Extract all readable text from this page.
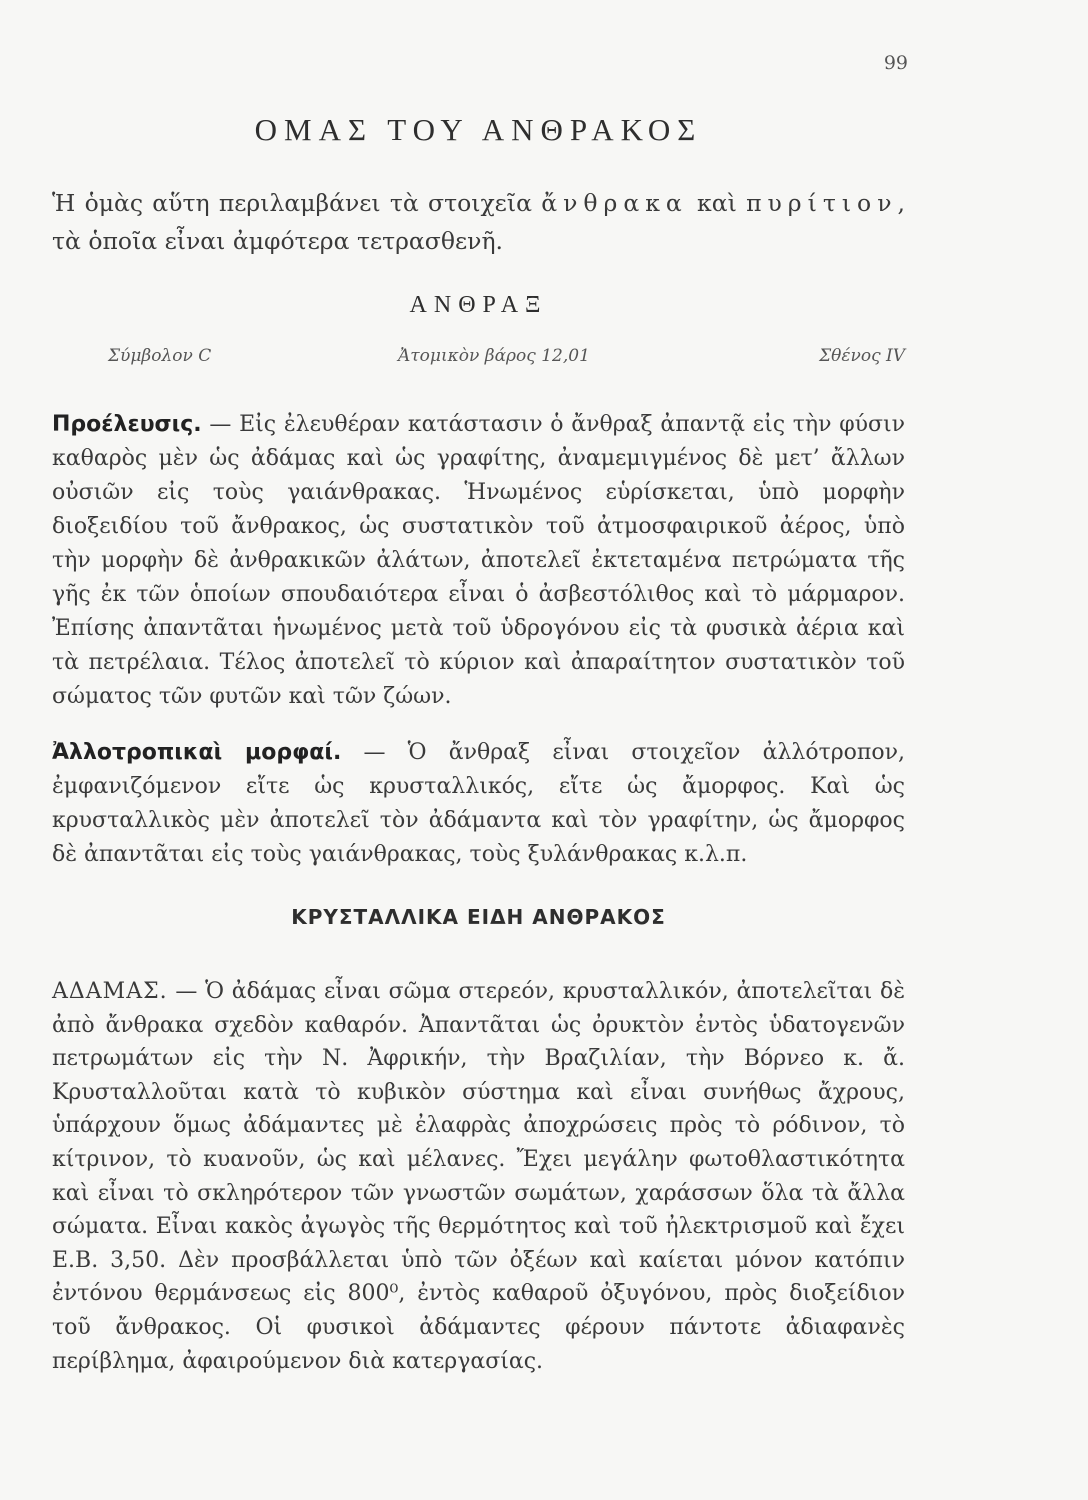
99
ΟΜΑΣ ΤΟΥ ΑΝΘΡΑΚΟΣ
Ἡ ὁμὰς αὕτη περιλαμβάνει τὰ στοιχεῖα ἄνθρακα καὶ πυρίτιον, τὰ ὁποῖα εἶναι ἀμφότερα τετρασθενῆ.
ΑΝΘΡΑΞ
Σύμβολον C	Ἀτομικὸν βάρος 12,01	Σθένος IV

Προέλευσις. — Εἰς ἐλευθέραν κατάστασιν ὁ ἄνθραξ ἀπαντᾷ εἰς τὴν φύσιν καθαρὸς μὲν ὡς ἀδάμας καὶ ὡς γραφίτης, ἀναμεμιγμένος δὲ μετ’ ἄλλων οὐσιῶν εἰς τοὺς γαιάνθρακας. Ἡνωμένος εὑρίσκεται, ὑπὸ μορφὴν διοξειδίου τοῦ ἄνθρακος, ὡς συστατικὸν τοῦ ἀτμοσφαιρικοῦ ἀέρος, ὑπὸ τὴν μορφὴν δὲ ἀνθρακικῶν ἀλάτων, ἀποτελεῖ ἐκτεταμένα πετρώματα τῆς γῆς ἐκ τῶν ὁποίων σπουδαιότερα εἶναι ὁ ἀσβεστόλιθος καὶ τὸ μάρμαρον. Ἐπίσης ἀπαντᾶται ἡνωμένος μετὰ τοῦ ὑδρογόνου εἰς τὰ φυσικὰ ἀέρια καὶ τὰ πετρέλαια. Τέλος ἀποτελεῖ τὸ κύριον καὶ ἀπαραίτητον συστατικὸν τοῦ σώματος τῶν φυτῶν καὶ τῶν ζώων.

Ἀλλοτροπικαὶ μορφαί. — Ὁ ἄνθραξ εἶναι στοιχεῖον ἀλλότροπον, ἐμφανιζόμενον εἴτε ὡς κρυσταλλικός, εἴτε ὡς ἄμορφος. Καὶ ὡς κρυσταλλικὸς μὲν ἀποτελεῖ τὸν ἀδάμαντα καὶ τὸν γραφίτην, ὡς ἄμορφος δὲ ἀπαντᾶται εἰς τοὺς γαιάνθρακας, τοὺς ξυλάνθρακας κ.λ.π.

ΚΡΥΣΤΑΛΛΙΚΑ ΕΙΔΗ ΑΝΘΡΑΚΟΣ

ΑΔΑΜΑΣ. — Ὁ ἀδάμας εἶναι σῶμα στερεόν, κρυσταλλικόν, ἀποτελεῖται δὲ ἀπὸ ἄνθρακα σχεδὸν καθαρόν. Ἀπαντᾶται ὡς ὀρυκτὸν ἐντὸς ὑδατογενῶν πετρωμάτων εἰς τὴν Ν. Ἀφρικήν, τὴν Βραζιλίαν, τὴν Βόρνεο κ. ἄ. Κρυσταλλοῦται κατὰ τὸ κυβικὸν σύστημα καὶ εἶναι συνήθως ἄχρους, ὑπάρχουν ὅμως ἀδάμαντες μὲ ἐλαφρὰς ἀποχρώσεις πρὸς τὸ ρόδινον, τὸ κίτρινον, τὸ κυανοῦν, ὡς καὶ μέλανες. Ἔχει μεγάλην φωτοθλαστικότητα καὶ εἶναι τὸ σκληρότερον τῶν γνωστῶν σωμάτων, χαράσσων ὅλα τὰ ἄλλα σώματα. Εἶναι κακὸς ἀγωγὸς τῆς θερμότητος καὶ τοῦ ἠλεκτρισμοῦ καὶ ἔχει Ε.Β. 3,50. Δὲν προσβάλλεται ὑπὸ τῶν ὀξέων καὶ καίεται μόνον κατόπιν ἐντόνου θερμάνσεως εἰς 800⁰, ἐντὸς καθαροῦ ὀξυγόνου, πρὸς διοξείδιον τοῦ ἄνθρακος. Οἱ φυσικοὶ ἀδάμαντες φέρουν πάντοτε ἀδιαφανὲς περίβλημα, ἀφαιρούμενον διὰ κατεργασίας.
